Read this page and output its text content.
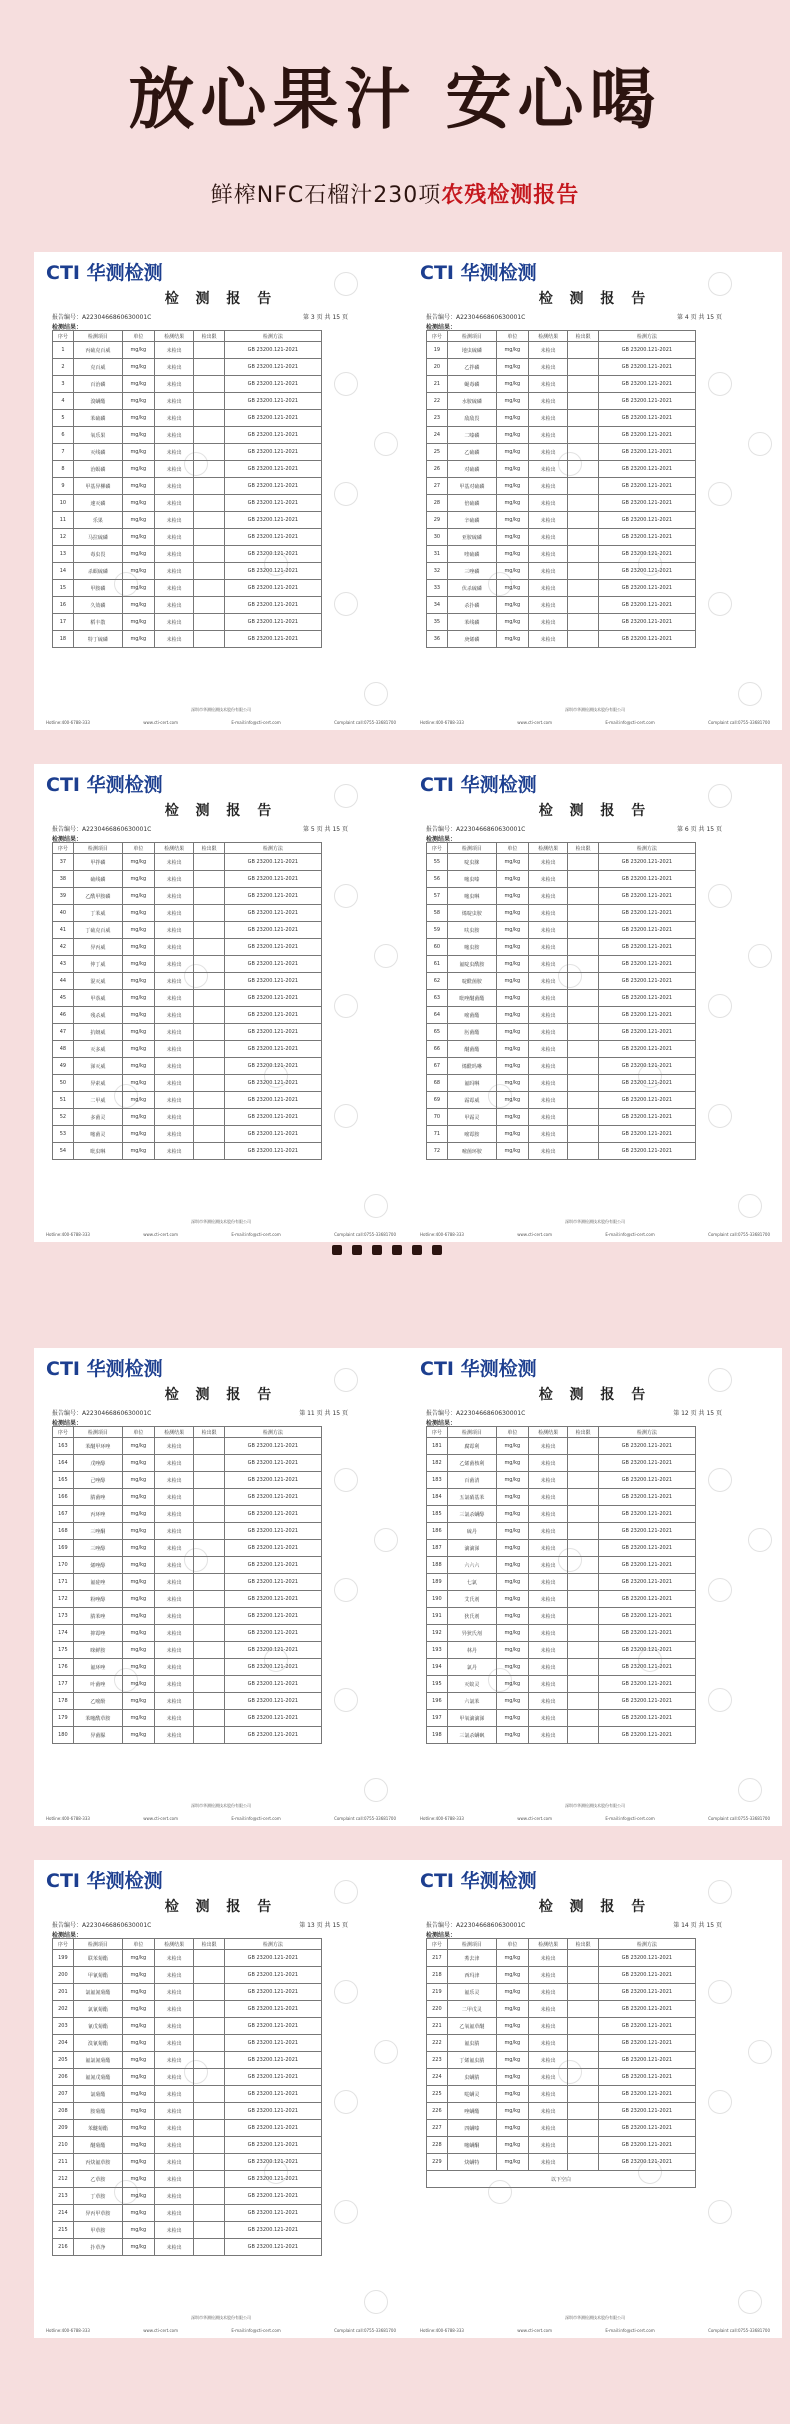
放心果汁 安心喝
鲜榨NFC石榴汁230项农残检测报告
CTI 华测检测
检 测 报 告
报告编号：A2230466860630001C	第 3 页 共 15 页
检测结果：
序号	检测项目	单位	检测结果	检出限	检测方法
1	丙硫克百威	mg/kg	未检出		GB 23200.121-2021
2	克百威	mg/kg	未检出		GB 23200.121-2021
3	百治磷	mg/kg	未检出		GB 23200.121-2021
4	溴螨酯	mg/kg	未检出		GB 23200.121-2021
5	苯硫磷	mg/kg	未检出		GB 23200.121-2021
6	氧乐果	mg/kg	未检出		GB 23200.121-2021
7	灭线磷	mg/kg	未检出		GB 23200.121-2021
8	治螟磷	mg/kg	未检出		GB 23200.121-2021
9	甲基异柳磷	mg/kg	未检出		GB 23200.121-2021
10	速灭磷	mg/kg	未检出		GB 23200.121-2021
11	乐果	mg/kg	未检出		GB 23200.121-2021
12	马拉硫磷	mg/kg	未检出		GB 23200.121-2021
13	毒虫畏	mg/kg	未检出		GB 23200.121-2021
14	杀螟硫磷	mg/kg	未检出		GB 23200.121-2021
15	甲胺磷	mg/kg	未检出		GB 23200.121-2021
16	久效磷	mg/kg	未检出		GB 23200.121-2021
17	稻丰散	mg/kg	未检出		GB 23200.121-2021
18	特丁硫磷	mg/kg	未检出		GB 23200.121-2021
深圳市华测检测技术股份有限公司
Hotline:400-6788-333	www.cti-cert.com	E-mail:info@cti-cert.com	Complaint call:0755-33681700
CTI 华测检测
检 测 报 告
报告编号：A2230466860630001C	第 4 页 共 15 页
检测结果：
序号	检测项目	单位	检测结果	检出限	检测方法
19	地虫硫磷	mg/kg	未检出		GB 23200.121-2021
20	乙拌磷	mg/kg	未检出		GB 23200.121-2021
21	蝇毒磷	mg/kg	未检出		GB 23200.121-2021
22	水胺硫磷	mg/kg	未检出		GB 23200.121-2021
23	敌敌畏	mg/kg	未检出		GB 23200.121-2021
24	二嗪磷	mg/kg	未检出		GB 23200.121-2021
25	乙硫磷	mg/kg	未检出		GB 23200.121-2021
26	对硫磷	mg/kg	未检出		GB 23200.121-2021
27	甲基对硫磷	mg/kg	未检出		GB 23200.121-2021
28	倍硫磷	mg/kg	未检出		GB 23200.121-2021
29	辛硫磷	mg/kg	未检出		GB 23200.121-2021
30	亚胺硫磷	mg/kg	未检出		GB 23200.121-2021
31	喹硫磷	mg/kg	未检出		GB 23200.121-2021
32	三唑磷	mg/kg	未检出		GB 23200.121-2021
33	伏杀硫磷	mg/kg	未检出		GB 23200.121-2021
34	杀扑磷	mg/kg	未检出		GB 23200.121-2021
35	苯线磷	mg/kg	未检出		GB 23200.121-2021
36	庚烯磷	mg/kg	未检出		GB 23200.121-2021
深圳市华测检测技术股份有限公司
Hotline:400-6788-333	www.cti-cert.com	E-mail:info@cti-cert.com	Complaint call:0755-33681700
CTI 华测检测
检 测 报 告
报告编号：A2230466860630001C	第 5 页 共 15 页
检测结果：
序号	检测项目	单位	检测结果	检出限	检测方法
37	甲拌磷	mg/kg	未检出		GB 23200.121-2021
38	硫线磷	mg/kg	未检出		GB 23200.121-2021
39	乙酰甲胺磷	mg/kg	未检出		GB 23200.121-2021
40	丁苯威	mg/kg	未检出		GB 23200.121-2021
41	丁硫克百威	mg/kg	未检出		GB 23200.121-2021
42	异丙威	mg/kg	未检出		GB 23200.121-2021
43	仲丁威	mg/kg	未检出		GB 23200.121-2021
44	混灭威	mg/kg	未检出		GB 23200.121-2021
45	甲萘威	mg/kg	未检出		GB 23200.121-2021
46	残杀威	mg/kg	未检出		GB 23200.121-2021
47	抗蚜威	mg/kg	未检出		GB 23200.121-2021
48	灭多威	mg/kg	未检出		GB 23200.121-2021
49	涕灭威	mg/kg	未检出		GB 23200.121-2021
50	异索威	mg/kg	未检出		GB 23200.121-2021
51	二甲威	mg/kg	未检出		GB 23200.121-2021
52	多菌灵	mg/kg	未检出		GB 23200.121-2021
53	噻菌灵	mg/kg	未检出		GB 23200.121-2021
54	吡虫啉	mg/kg	未检出		GB 23200.121-2021
深圳市华测检测技术股份有限公司
Hotline:400-6788-333	www.cti-cert.com	E-mail:info@cti-cert.com	Complaint call:0755-33681700
CTI 华测检测
检 测 报 告
报告编号：A2230466860630001C	第 6 页 共 15 页
检测结果：
序号	检测项目	单位	检测结果	检出限	检测方法
55	啶虫脒	mg/kg	未检出		GB 23200.121-2021
56	噻虫嗪	mg/kg	未检出		GB 23200.121-2021
57	噻虫啉	mg/kg	未检出		GB 23200.121-2021
58	烯啶虫胺	mg/kg	未检出		GB 23200.121-2021
59	呋虫胺	mg/kg	未检出		GB 23200.121-2021
60	噻虫胺	mg/kg	未检出		GB 23200.121-2021
61	氟啶虫酰胺	mg/kg	未检出		GB 23200.121-2021
62	啶酰菌胺	mg/kg	未检出		GB 23200.121-2021
63	吡唑醚菌酯	mg/kg	未检出		GB 23200.121-2021
64	嘧菌酯	mg/kg	未检出		GB 23200.121-2021
65	肟菌酯	mg/kg	未检出		GB 23200.121-2021
66	醚菌酯	mg/kg	未检出		GB 23200.121-2021
67	烯酰吗啉	mg/kg	未检出		GB 23200.121-2021
68	氟吗啉	mg/kg	未检出		GB 23200.121-2021
69	霜霉威	mg/kg	未检出		GB 23200.121-2021
70	甲霜灵	mg/kg	未检出		GB 23200.121-2021
71	嘧霉胺	mg/kg	未检出		GB 23200.121-2021
72	嘧菌环胺	mg/kg	未检出		GB 23200.121-2021
深圳市华测检测技术股份有限公司
Hotline:400-6788-333	www.cti-cert.com	E-mail:info@cti-cert.com	Complaint call:0755-33681700
CTI 华测检测
检 测 报 告
报告编号：A2230466860630001C	第 11 页 共 15 页
检测结果：
序号	检测项目	单位	检测结果	检出限	检测方法
163	苯醚甲环唑	mg/kg	未检出		GB 23200.121-2021
164	戊唑醇	mg/kg	未检出		GB 23200.121-2021
165	己唑醇	mg/kg	未检出		GB 23200.121-2021
166	腈菌唑	mg/kg	未检出		GB 23200.121-2021
167	丙环唑	mg/kg	未检出		GB 23200.121-2021
168	三唑酮	mg/kg	未检出		GB 23200.121-2021
169	三唑醇	mg/kg	未检出		GB 23200.121-2021
170	烯唑醇	mg/kg	未检出		GB 23200.121-2021
171	氟硅唑	mg/kg	未检出		GB 23200.121-2021
172	粉唑醇	mg/kg	未检出		GB 23200.121-2021
173	腈苯唑	mg/kg	未检出		GB 23200.121-2021
174	抑霉唑	mg/kg	未检出		GB 23200.121-2021
175	咪鲜胺	mg/kg	未检出		GB 23200.121-2021
176	氟环唑	mg/kg	未检出		GB 23200.121-2021
177	叶菌唑	mg/kg	未检出		GB 23200.121-2021
178	乙嘧酚	mg/kg	未检出		GB 23200.121-2021
179	苯噻酰草胺	mg/kg	未检出		GB 23200.121-2021
180	异菌脲	mg/kg	未检出		GB 23200.121-2021
深圳市华测检测技术股份有限公司
Hotline:400-6788-333	www.cti-cert.com	E-mail:info@cti-cert.com	Complaint call:0755-33681700
CTI 华测检测
检 测 报 告
报告编号：A2230466860630001C	第 12 页 共 15 页
检测结果：
序号	检测项目	单位	检测结果	检出限	检测方法
181	腐霉利	mg/kg	未检出		GB 23200.121-2021
182	乙烯菌核利	mg/kg	未检出		GB 23200.121-2021
183	百菌清	mg/kg	未检出		GB 23200.121-2021
184	五氯硝基苯	mg/kg	未检出		GB 23200.121-2021
185	三氯杀螨醇	mg/kg	未检出		GB 23200.121-2021
186	硫丹	mg/kg	未检出		GB 23200.121-2021
187	滴滴涕	mg/kg	未检出		GB 23200.121-2021
188	六六六	mg/kg	未检出		GB 23200.121-2021
189	七氯	mg/kg	未检出		GB 23200.121-2021
190	艾氏剂	mg/kg	未检出		GB 23200.121-2021
191	狄氏剂	mg/kg	未检出		GB 23200.121-2021
192	异狄氏剂	mg/kg	未检出		GB 23200.121-2021
193	林丹	mg/kg	未检出		GB 23200.121-2021
194	氯丹	mg/kg	未检出		GB 23200.121-2021
195	灭蚁灵	mg/kg	未检出		GB 23200.121-2021
196	六氯苯	mg/kg	未检出		GB 23200.121-2021
197	甲氧滴滴涕	mg/kg	未检出		GB 23200.121-2021
198	三氯杀螨砜	mg/kg	未检出		GB 23200.121-2021
深圳市华测检测技术股份有限公司
Hotline:400-6788-333	www.cti-cert.com	E-mail:info@cti-cert.com	Complaint call:0755-33681700
CTI 华测检测
检 测 报 告
报告编号：A2230466860630001C	第 13 页 共 15 页
检测结果：
序号	检测项目	单位	检测结果	检出限	检测方法
199	联苯菊酯	mg/kg	未检出		GB 23200.121-2021
200	甲氰菊酯	mg/kg	未检出		GB 23200.121-2021
201	氯氟氰菊酯	mg/kg	未检出		GB 23200.121-2021
202	氯氰菊酯	mg/kg	未检出		GB 23200.121-2021
203	氰戊菊酯	mg/kg	未检出		GB 23200.121-2021
204	溴氰菊酯	mg/kg	未检出		GB 23200.121-2021
205	氟氯氰菊酯	mg/kg	未检出		GB 23200.121-2021
206	氟氰戊菊酯	mg/kg	未检出		GB 23200.121-2021
207	氯菊酯	mg/kg	未检出		GB 23200.121-2021
208	胺菊酯	mg/kg	未检出		GB 23200.121-2021
209	苯醚菊酯	mg/kg	未检出		GB 23200.121-2021
210	醚菊酯	mg/kg	未检出		GB 23200.121-2021
211	丙炔氟草胺	mg/kg	未检出		GB 23200.121-2021
212	乙草胺	mg/kg	未检出		GB 23200.121-2021
213	丁草胺	mg/kg	未检出		GB 23200.121-2021
214	异丙甲草胺	mg/kg	未检出		GB 23200.121-2021
215	甲草胺	mg/kg	未检出		GB 23200.121-2021
216	扑草净	mg/kg	未检出		GB 23200.121-2021
深圳市华测检测技术股份有限公司
Hotline:400-6788-333	www.cti-cert.com	E-mail:info@cti-cert.com	Complaint call:0755-33681700
CTI 华测检测
检 测 报 告
报告编号：A2230466860630001C	第 14 页 共 15 页
检测结果：
序号	检测项目	单位	检测结果	检出限	检测方法
217	莠去津	mg/kg	未检出		GB 23200.121-2021
218	西玛津	mg/kg	未检出		GB 23200.121-2021
219	氟乐灵	mg/kg	未检出		GB 23200.121-2021
220	二甲戊灵	mg/kg	未检出		GB 23200.121-2021
221	乙氧氟草醚	mg/kg	未检出		GB 23200.121-2021
222	氟虫腈	mg/kg	未检出		GB 23200.121-2021
223	丁烯氟虫腈	mg/kg	未检出		GB 23200.121-2021
224	虫螨腈	mg/kg	未检出		GB 23200.121-2021
225	哒螨灵	mg/kg	未检出		GB 23200.121-2021
226	唑螨酯	mg/kg	未检出		GB 23200.121-2021
227	四螨嗪	mg/kg	未检出		GB 23200.121-2021
228	噻螨酮	mg/kg	未检出		GB 23200.121-2021
229	炔螨特	mg/kg	未检出		GB 23200.121-2021
以下空白					
深圳市华测检测技术股份有限公司
Hotline:400-6788-333	www.cti-cert.com	E-mail:info@cti-cert.com	Complaint call:0755-33681700
